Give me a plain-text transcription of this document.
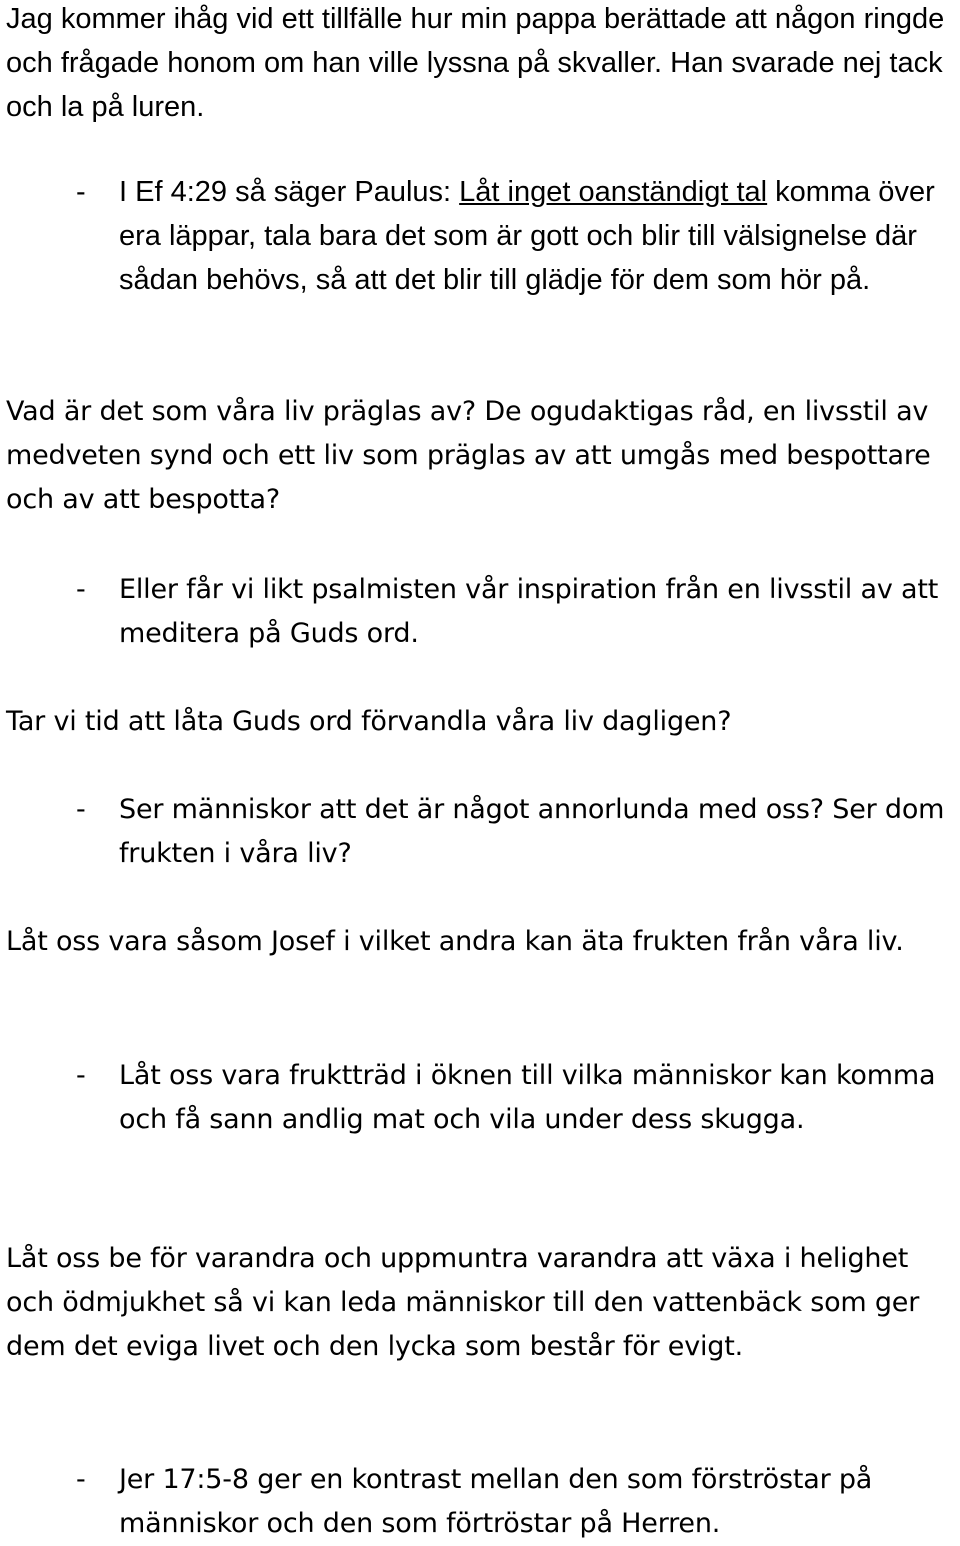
Jag kommer ihåg vid ett tillfälle hur min pappa berättade att någon ringde och frågade honom om han ville lyssna på skvaller. Han svarade nej tack och la på luren.

- I Ef 4:29 så säger Paulus: Låt inget oanständigt tal komma över era läppar, tala bara det som är gott och blir till välsignelse där sådan behövs, så att det blir till glädje för dem som hör på.

Vad är det som våra liv präglas av? De ogudaktigas råd, en livsstil av medveten synd och ett liv som präglas av att umgås med bespottare och av att bespotta?

- Eller får vi likt psalmisten vår inspiration från en livsstil av att meditera på Guds ord.

Tar vi tid att låta Guds ord förvandla våra liv dagligen?

- Ser människor att det är något annorlunda med oss? Ser dom frukten i våra liv?

Låt oss vara såsom Josef i vilket andra kan äta frukten från våra liv.

- Låt oss vara fruktträd i öknen till vilka människor kan komma och få sann andlig mat och vila under dess skugga.

Låt oss be för varandra och uppmuntra varandra att växa i helighet och ödmjukhet så vi kan leda människor till den vattenbäck som ger dem det eviga livet och den lycka som består för evigt.

- Jer 17:5-8 ger en kontrast mellan den som förströstar på människor och den som förtröstar på Herren.
